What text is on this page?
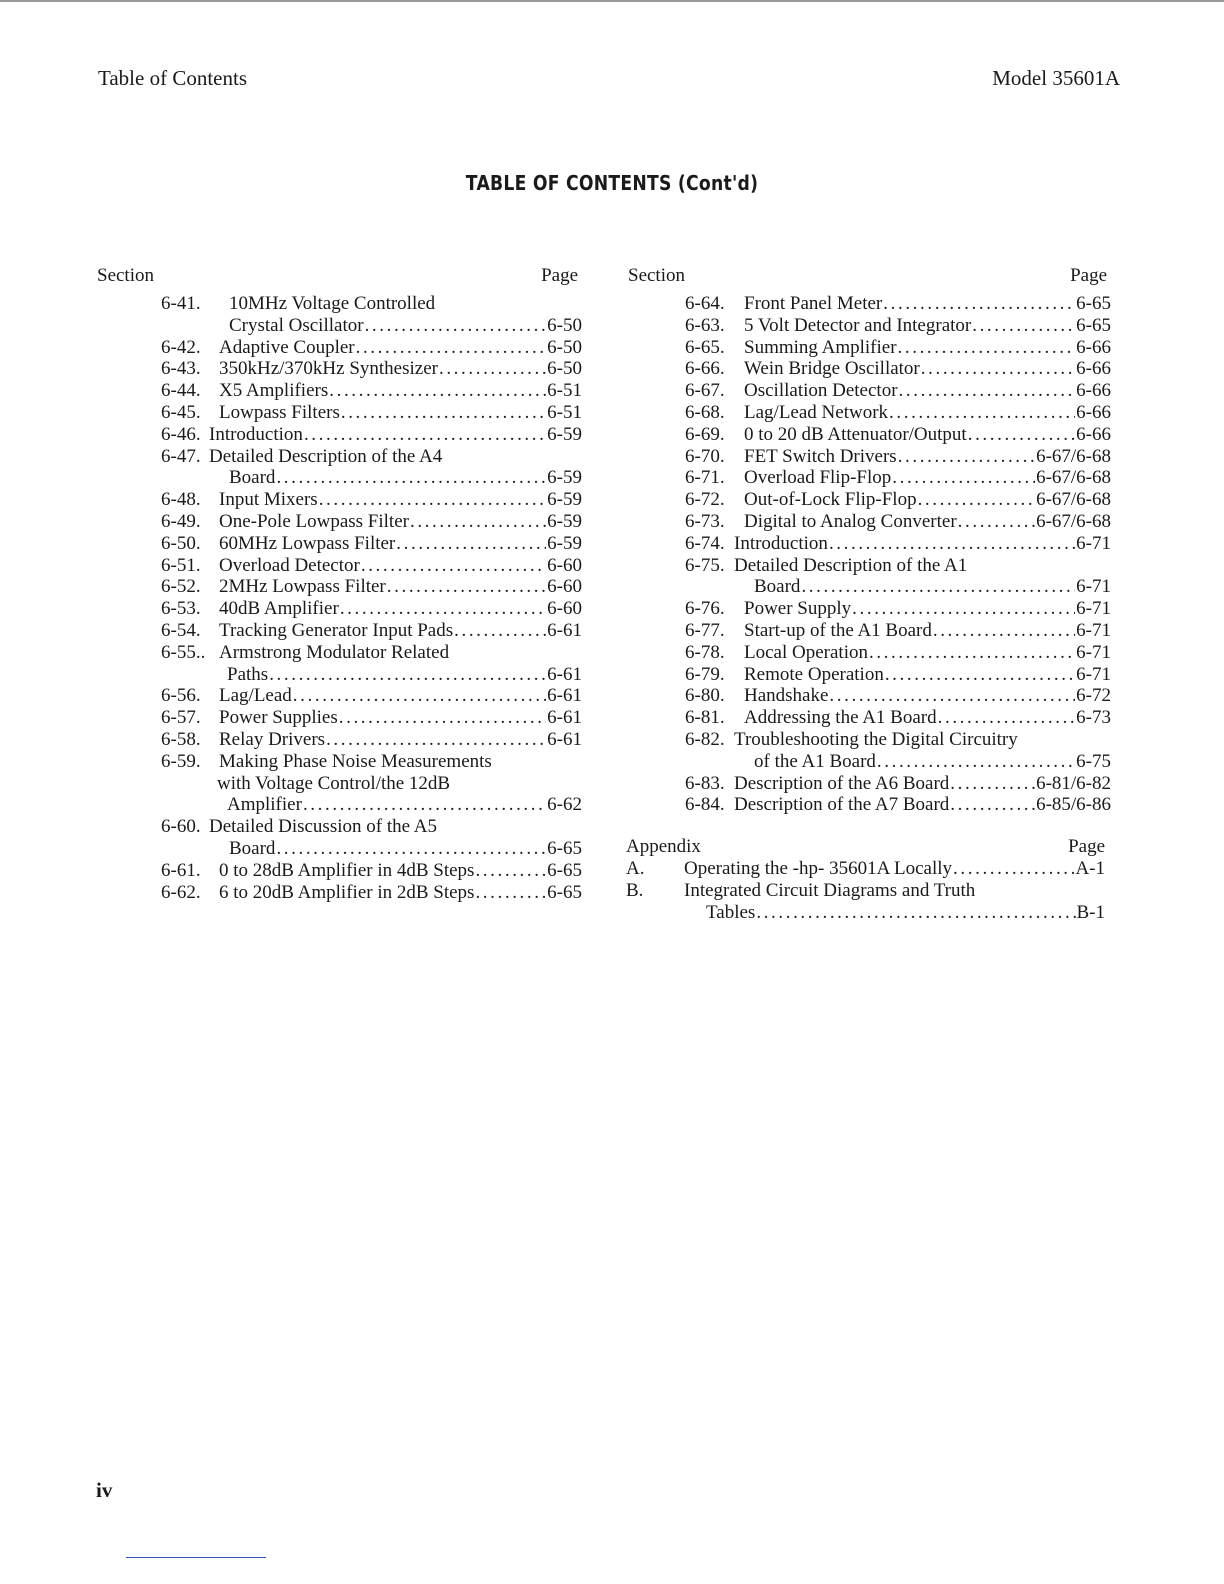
Table of Contents	Model 35601A
TABLE OF CONTENTS (Cont'd)
Section	Page
6-41.	10MHz Voltage Controlled
Crystal Oscillator .....	6-50
6-42. Adaptive Coupler .....	6-50
6-43. 350kHz/370kHz Synthesizer .....	6-50
6-44. X5 Amplifiers .....	6-51
6-45. Lowpass Filters .....	6-51
6-46. Introduction .....	6-59
6-47. Detailed Description of the A4
Board .....	6-59
6-48. Input Mixers .....	6-59
6-49. One-Pole Lowpass Filter .....	6-59
6-50. 60MHz Lowpass Filter .....	6-59
6-51. Overload Detector .....	6-60
6-52. 2MHz Lowpass Filter .....	6-60
6-53. 40dB Amplifier .....	6-60
6-54. Tracking Generator Input Pads .....	6-61
6-55.. Armstrong Modulator Related
Paths .....	6-61
6-56. Lag/Lead .....	6-61
6-57. Power Supplies .....	6-61
6-58. Relay Drivers .....	6-61
6-59. Making Phase Noise Measurements
with Voltage Control/the 12dB
Amplifier .....	6-62
6-60. Detailed Discussion of the A5
Board .....	6-65
6-61. 0 to 28dB Amplifier in 4dB Steps .....	6-65
6-62. 6 to 20dB Amplifier in 2dB Steps .....	6-65
Section	Page
6-64.	Front Panel Meter .....	6-65
6-63.	5 Volt Detector and Integrator .....	6-65
6-65.	Summing Amplifier .....	6-66
6-66.	Wein Bridge Oscillator .....	6-66
6-67.	Oscillation Detector .....	6-66
6-68.	Lag/Lead Network .....	6-66
6-69.	0 to 20 dB Attenuator/Output .....	6-66
6-70.	FET Switch Drivers .....	6-67/6-68
6-71.	Overload Flip-Flop .....	6-67/6-68
6-72.	Out-of-Lock Flip-Flop .....	6-67/6-68
6-73.	Digital to Analog Converter .....	6-67/6-68
6-74. Introduction .....	6-71
6-75. Detailed Description of the A1
Board .....	6-71
6-76.	Power Supply .....	6-71
6-77.	Start-up of the A1 Board .....	6-71
6-78.	Local Operation .....	6-71
6-79.	Remote Operation .....	6-71
6-80.	Handshake .....	6-72
6-81.	Addressing the A1 Board .....	6-73
6-82. Troubleshooting the Digital Circuitry
of the A1 Board .....	6-75
6-83. Description of the A6 Board .....	6-81/6-82
6-84. Description of the A7 Board .....	6-85/6-86
Appendix	Page
A.	Operating the -hp- 35601A Locally .....	A-1
B.	Integrated Circuit Diagrams and Truth
Tables .....	B-1
iv
